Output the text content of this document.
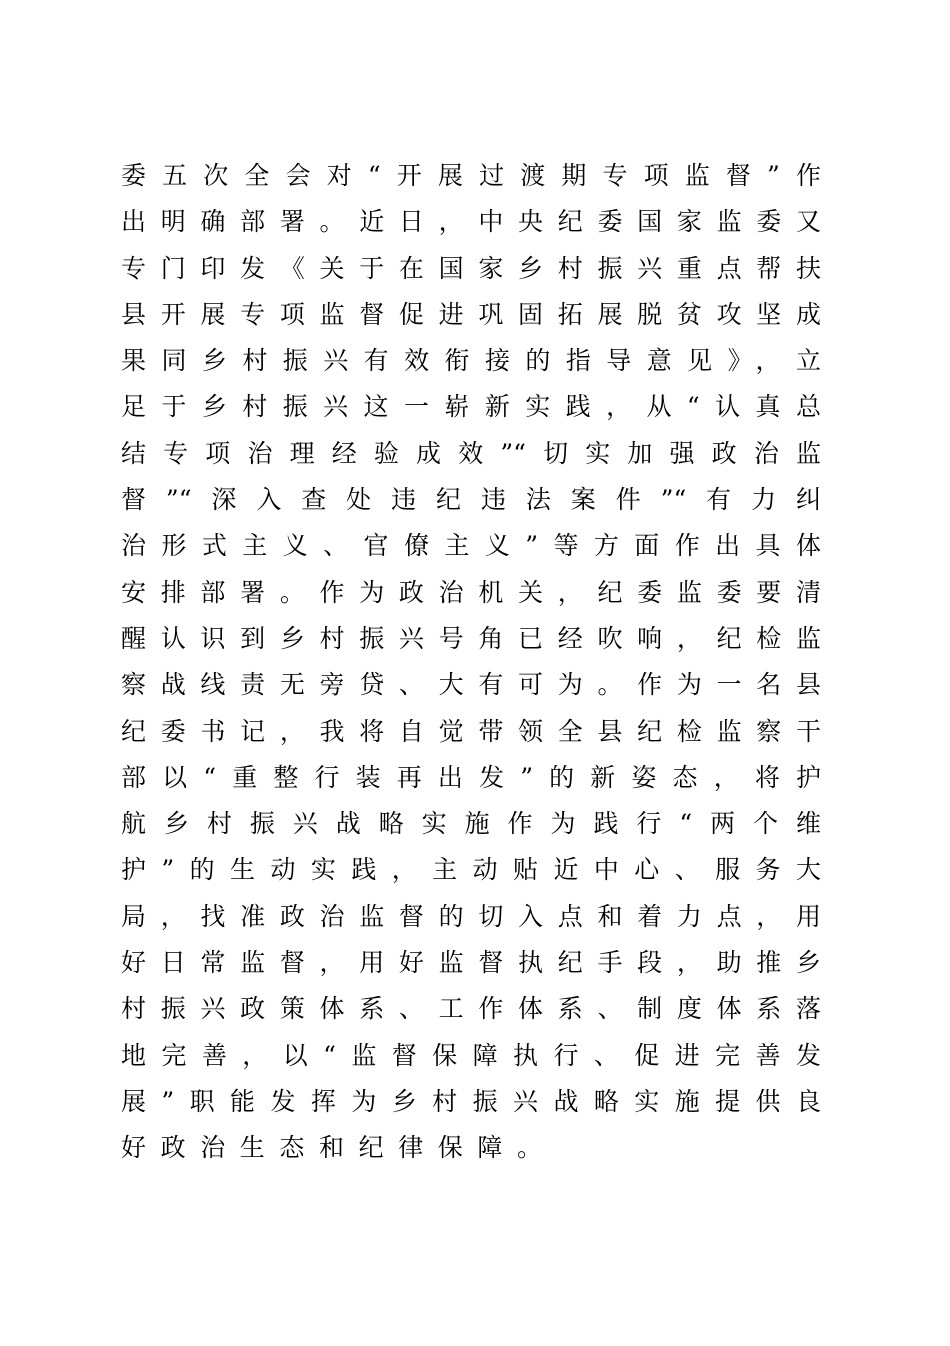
委五次全会对“开展过渡期专项监督”作
出明确部署。近日，中央纪委国家监委又
专门印发《关于在国家乡村振兴重点帮扶
县开展专项监督促进巩固拓展脱贫攻坚成
果同乡村振兴有效衔接的指导意见》，立
足于乡村振兴这一崭新实践，从“认真总
结专项治理经验成效”“切实加强政治监
督”“深入查处违纪违法案件”“有力纠
治形式主义、官僚主义”等方面作出具体
安排部署。作为政治机关，纪委监委要清
醒认识到乡村振兴号角已经吹响，纪检监
察战线责无旁贷、大有可为。作为一名县
纪委书记，我将自觉带领全县纪检监察干
部以“重整行装再出发”的新姿态，将护
航乡村振兴战略实施作为践行“两个维
护”的生动实践，主动贴近中心、服务大
局，找准政治监督的切入点和着力点，用
好日常监督，用好监督执纪手段，助推乡
村振兴政策体系、工作体系、制度体系落
地完善，以“监督保障执行、促进完善发
展”职能发挥为乡村振兴战略实施提供良
好政治生态和纪律保障。
